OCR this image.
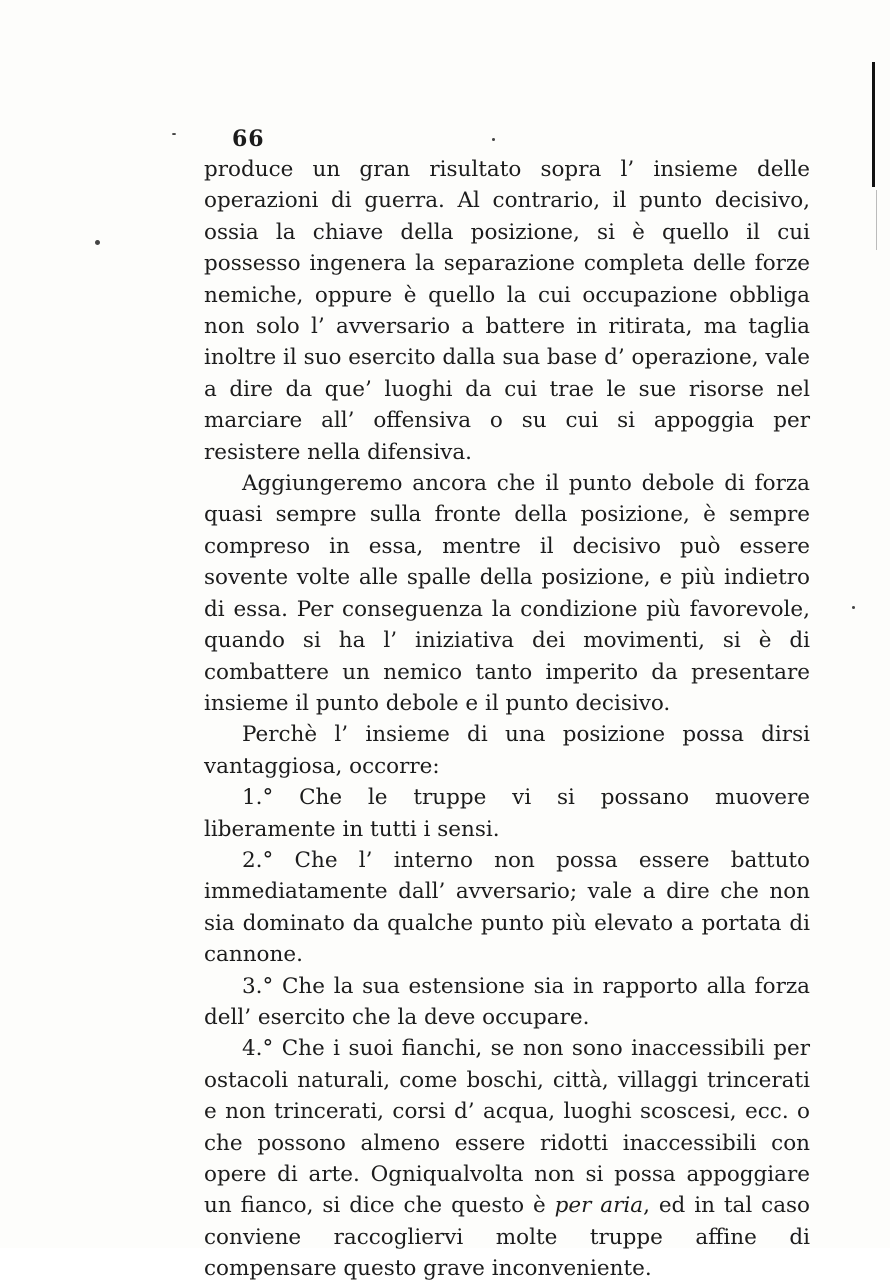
66

produce un gran risultato sopra l’ insieme delle operazioni di guerra. Al contrario, il punto decisivo, ossia la chiave della posizione, si è quello il cui possesso ingenera la separazione completa delle forze nemiche, oppure è quello la cui occupazione obbliga non solo l’ avversario a battere in ritirata, ma taglia inoltre il suo esercito dalla sua base d’ operazione, vale a dire da que’ luoghi da cui trae le sue risorse nel marciare all’ offensiva o su cui si appoggia per resistere nella difensiva.

Aggiungeremo ancora che il punto debole di forza quasi sempre sulla fronte della posizione, è sempre compreso in essa, mentre il decisivo può essere sovente volte alle spalle della posizione, e più indietro di essa. Per conseguenza la condizione più favorevole, quando si ha l’ iniziativa dei movimenti, si è di combattere un nemico tanto imperito da presentare insieme il punto debole e il punto decisivo.

Perchè l’ insieme di una posizione possa dirsi vantaggiosa, occorre:

1.° Che le truppe vi si possano muovere liberamente in tutti i sensi.

2.° Che l’ interno non possa essere battuto immediatamente dall’ avversario; vale a dire che non sia dominato da qualche punto più elevato a portata di cannone.

3.° Che la sua estensione sia in rapporto alla forza dell’ esercito che la deve occupare.

4.° Che i suoi fianchi, se non sono inaccessibili per ostacoli naturali, come boschi, città, villaggi trincerati e non trincerati, corsi d’ acqua, luoghi scoscesi, ecc. o che possono almeno essere ridotti inaccessibili con opere di arte. Ogniqualvolta non si possa appoggiare un fianco, si dice che questo è per aria, ed in tal caso conviene raccogliervi molte truppe affine di compensare questo grave inconveniente.
